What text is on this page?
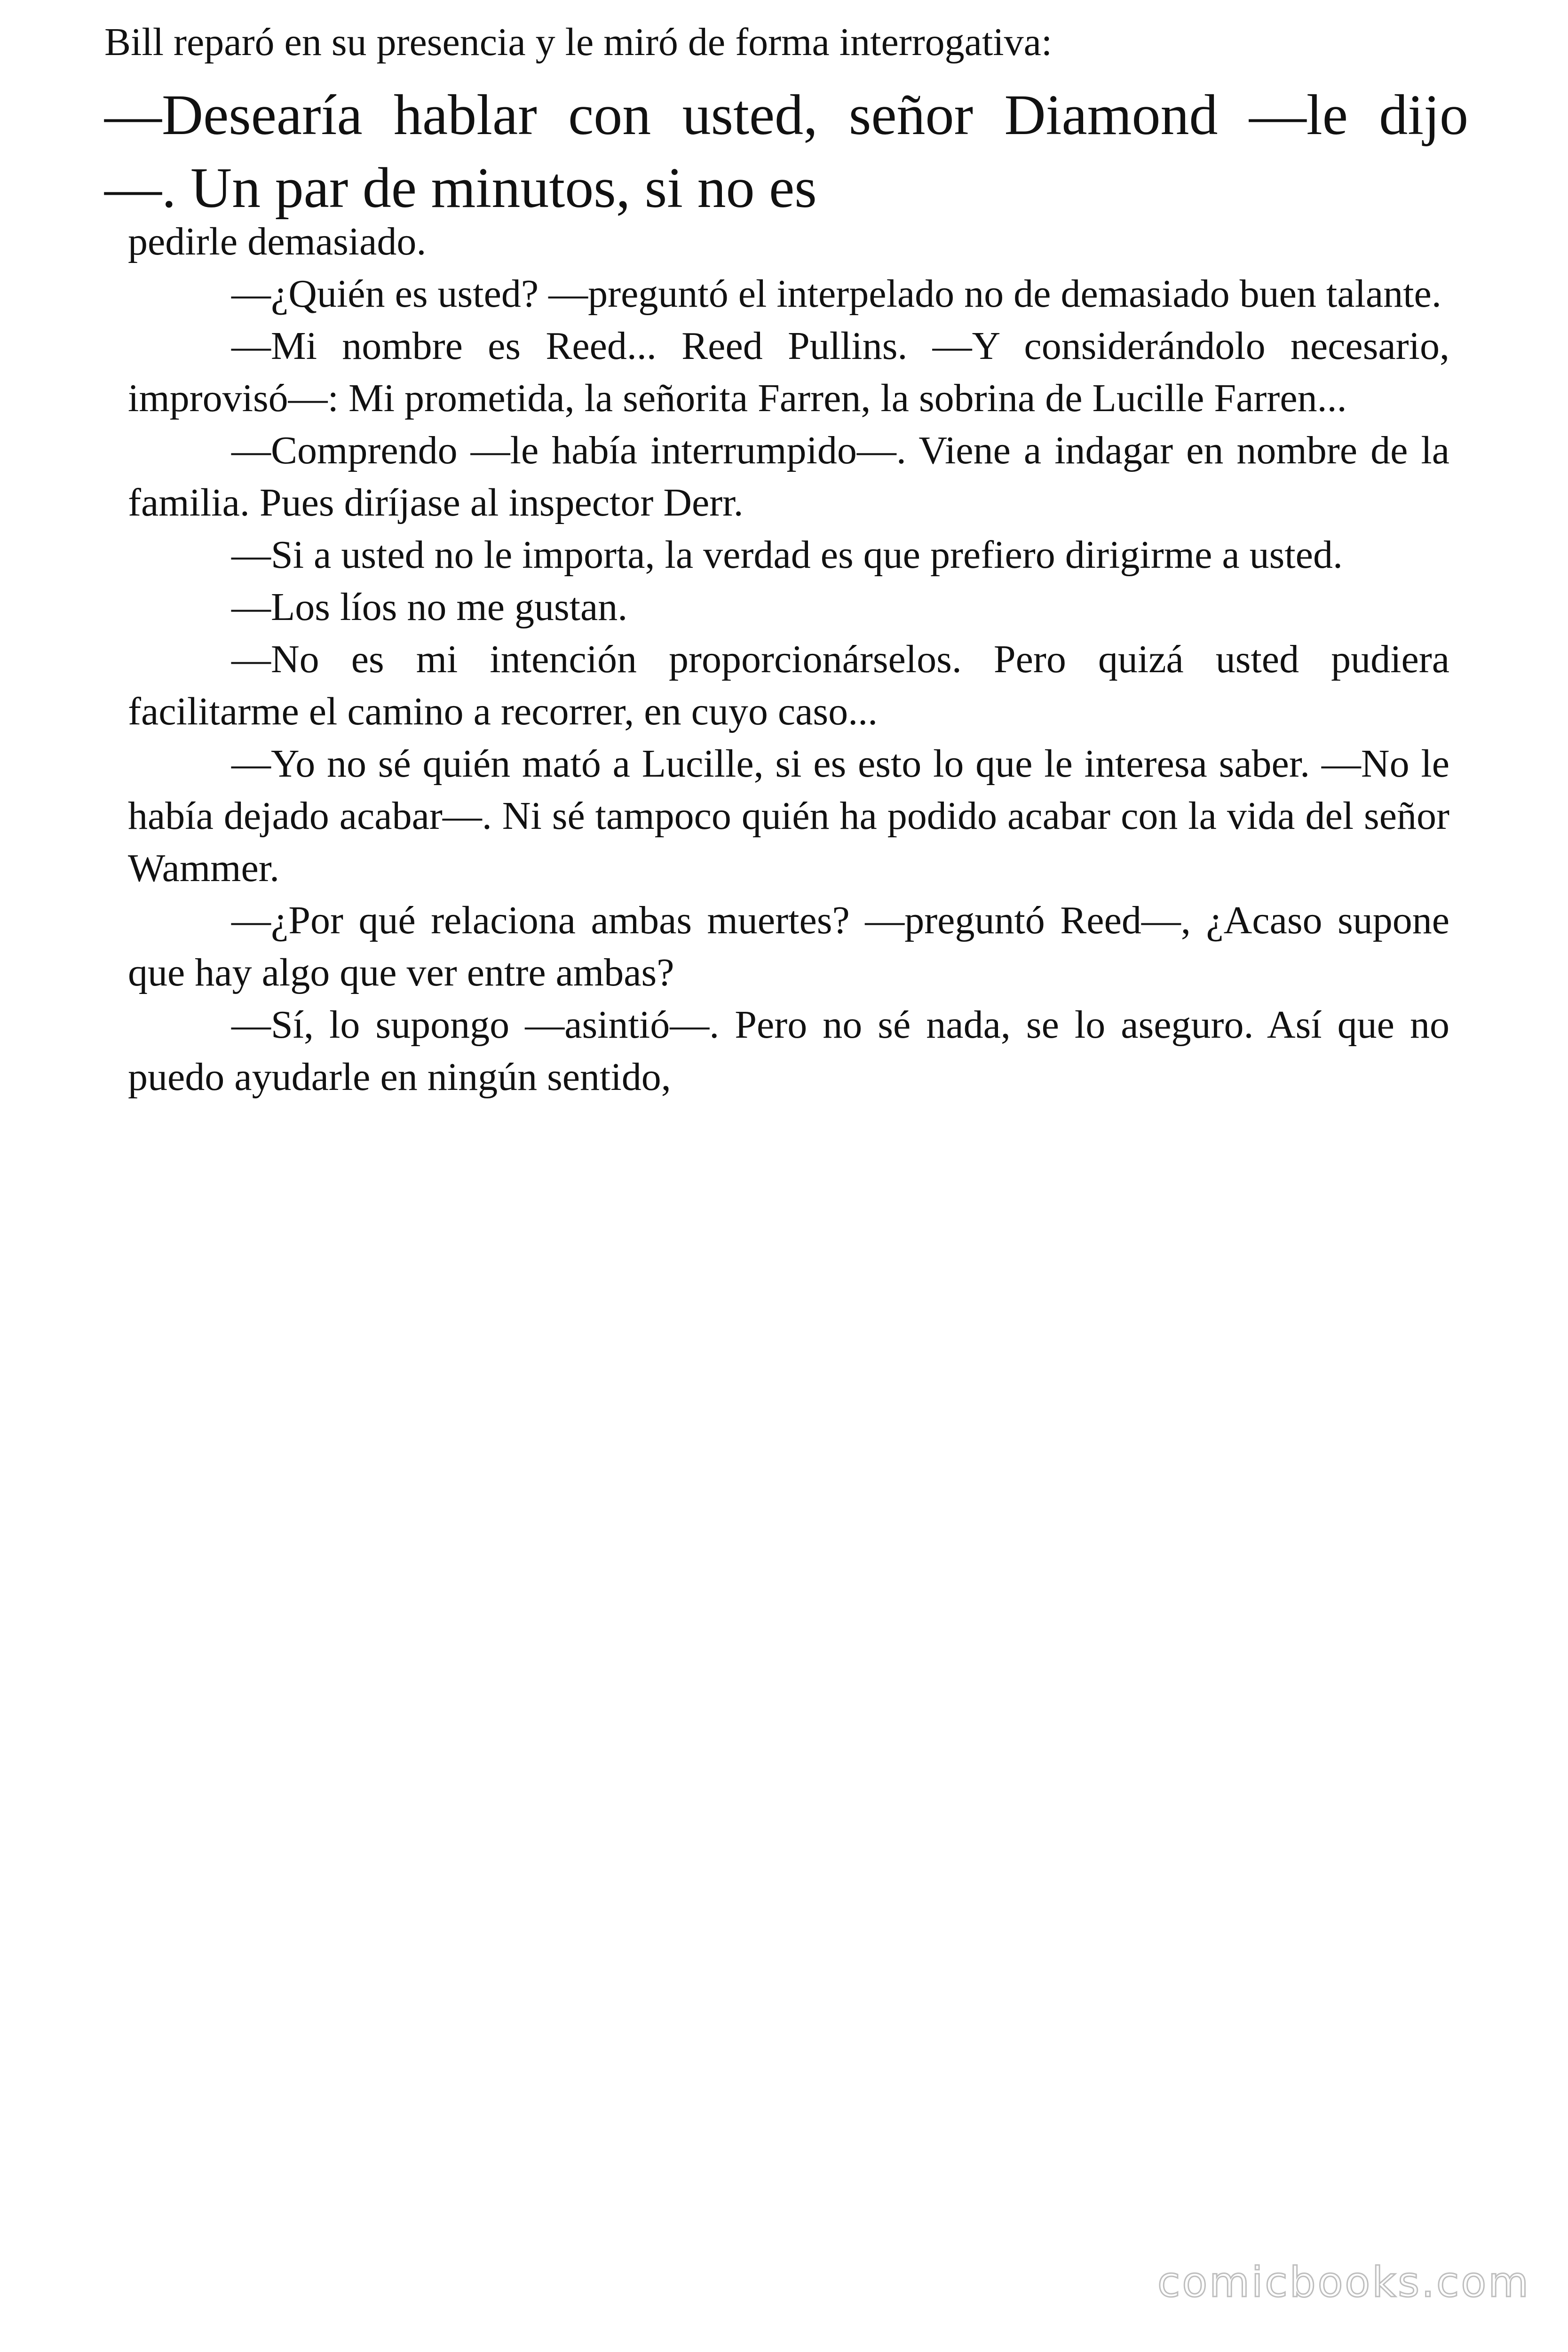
Bill reparó en su presencia y le miró de forma interrogativa:

—Desearía hablar con usted, señor Diamond —le dijo

—. Un par de minutos, si no es

pedirle demasiado.

—¿Quién es usted? —preguntó el interpelado no de demasiado buen talante.

—Mi nombre es Reed... Reed Pullins. —Y considerándolo necesario, improvisó—: Mi prometida, la señorita Farren, la sobrina de Lucille Farren...

—Comprendo —le había interrumpido—. Viene a indagar en nombre de la familia. Pues diríjase al inspector Derr.

—Si a usted no le importa, la verdad es que prefiero dirigirme a usted.

—Los líos no me gustan.

—No es mi intención proporcionárselos. Pero quizá usted pudiera facilitarme el camino a recorrer, en cuyo caso...

—Yo no sé quién mató a Lucille, si es esto lo que le interesa saber. —No le había dejado acabar—. Ni sé tampoco quién ha podido acabar con la vida del señor Wammer.

—¿Por qué relaciona ambas muertes? —preguntó Reed—, ¿Acaso supone que hay algo que ver entre ambas?

—Sí, lo supongo —asintió—. Pero no sé nada, se lo aseguro. Así que no puedo ayudarle en ningún sentido,

comicbooks.com
